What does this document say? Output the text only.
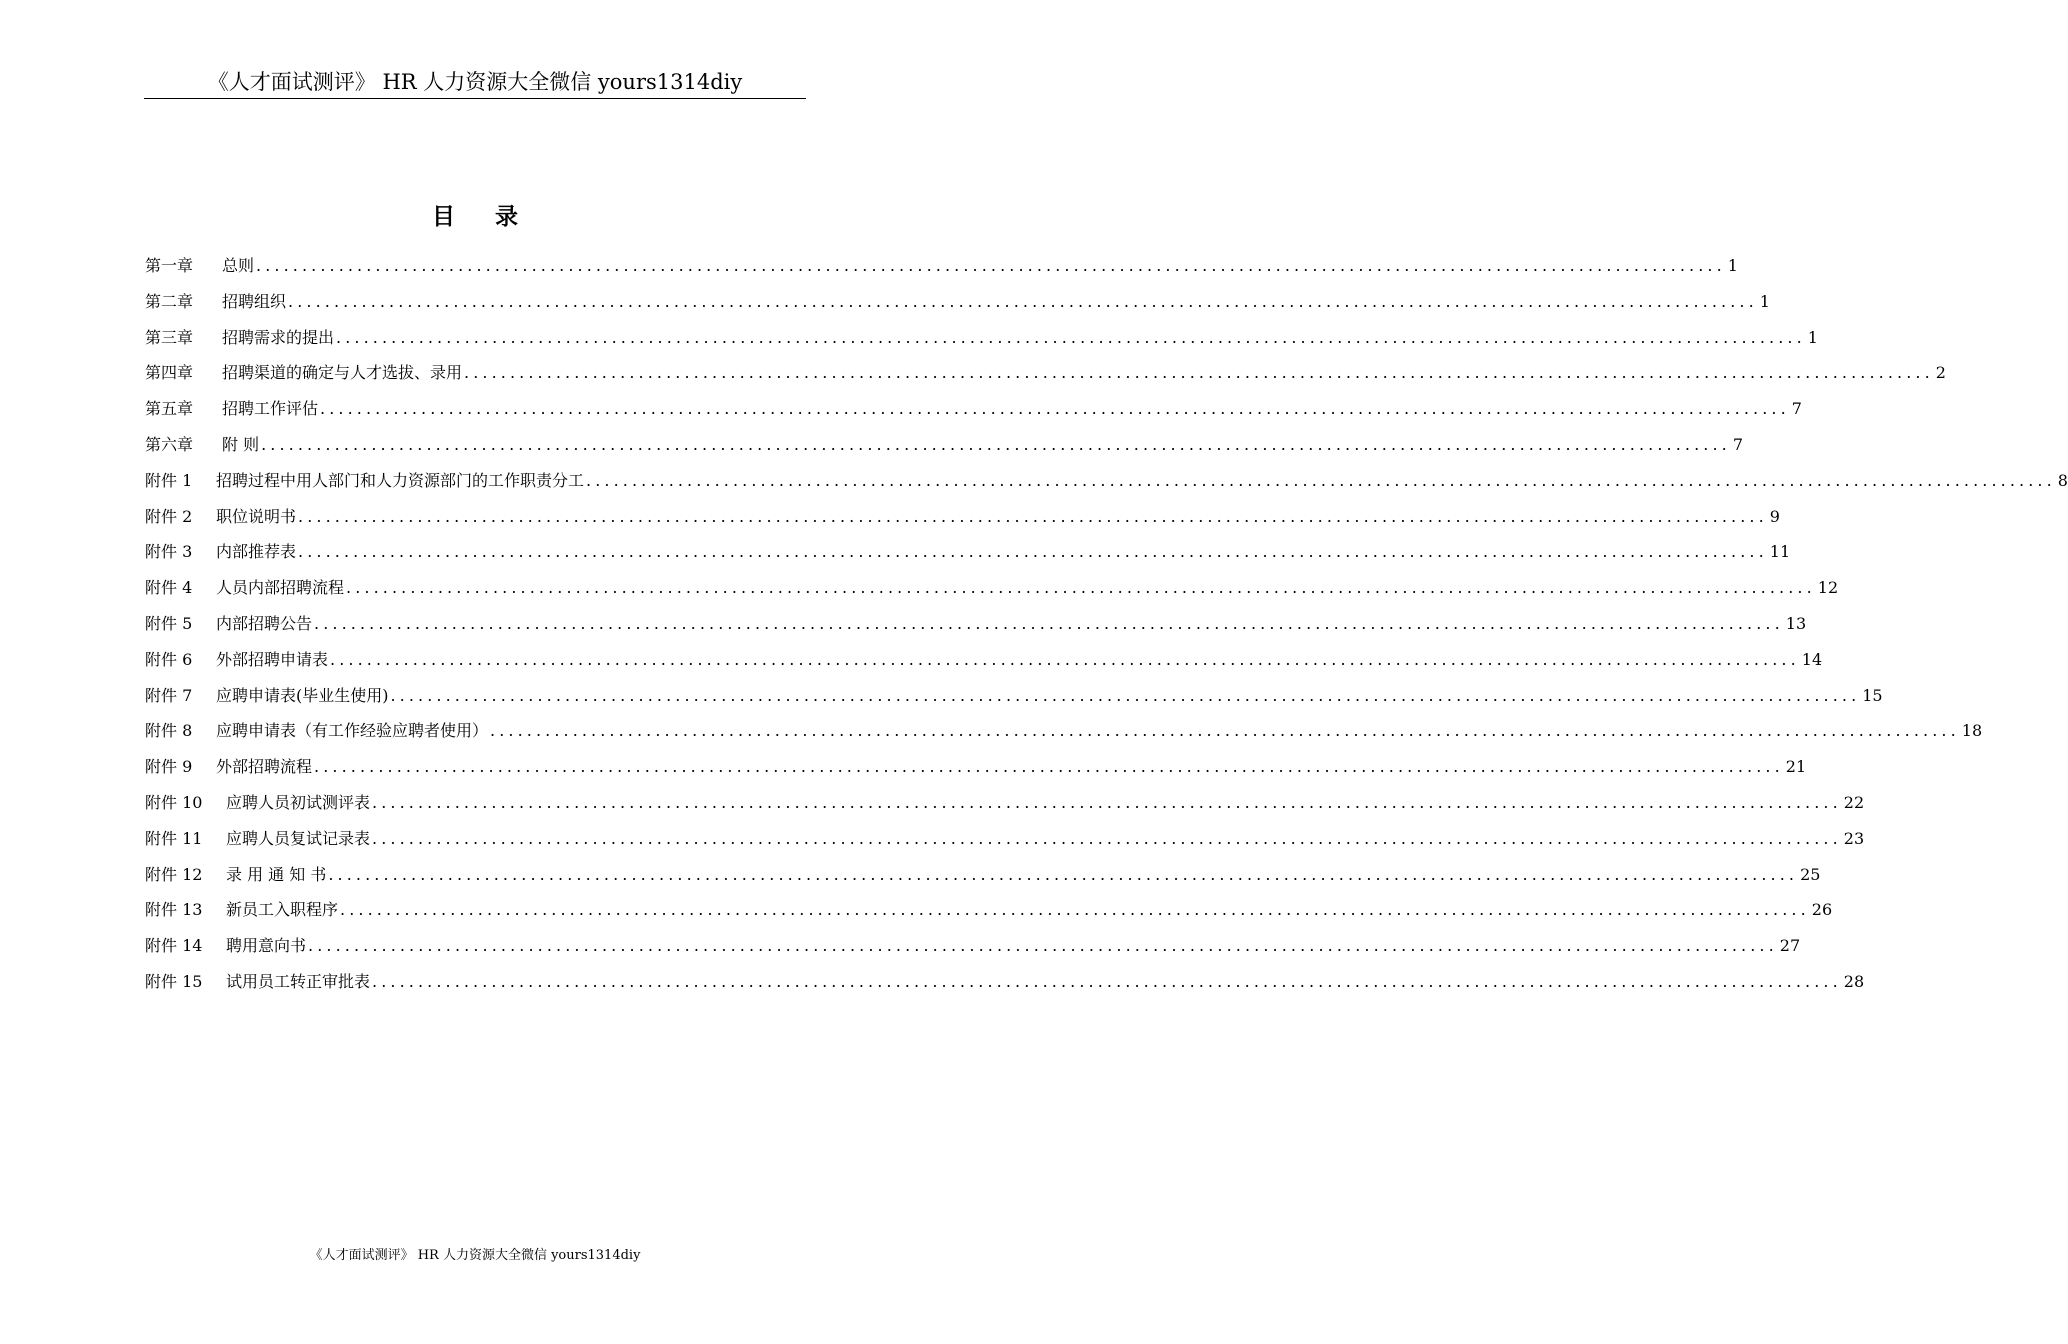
《人才面试测评》 HR 人力资源大全微信 yours1314diy
目录
第一章 总则 ................................................................................................................................................................ 1
第二章 招聘组织 ................................................................................................................................................................ 1
第三章 招聘需求的提出 ................................................................................................................................................................ 1
第四章 招聘渠道的确定与人才选拔、录用 ................................................................................................................................................................ 2
第五章 招聘工作评估 ................................................................................................................................................................ 7
第六章 附 则 ................................................................................................................................................................ 7
附件 1 招聘过程中用人部门和人力资源部门的工作职责分工 ................................................................................................................................................................ 8
附件 2 职位说明书 ................................................................................................................................................................ 9
附件 3 内部推荐表 ................................................................................................................................................................ 11
附件 4 人员内部招聘流程 ................................................................................................................................................................ 12
附件 5 内部招聘公告 ................................................................................................................................................................ 13
附件 6 外部招聘申请表 ................................................................................................................................................................ 14
附件 7 应聘申请表(毕业生使用) ................................................................................................................................................................ 15
附件 8 应聘申请表（有工作经验应聘者使用） ................................................................................................................................................................ 18
附件 9 外部招聘流程 ................................................................................................................................................................ 21
附件 10 应聘人员初试测评表 ................................................................................................................................................................ 22
附件 11 应聘人员复试记录表 ................................................................................................................................................................ 23
附件 12 录 用 通 知 书 ................................................................................................................................................................ 25
附件 13 新员工入职程序 ................................................................................................................................................................ 26
附件 14 聘用意向书 ................................................................................................................................................................ 27
附件 15 试用员工转正审批表 ................................................................................................................................................................ 28
《人才面试测评》 HR 人力资源大全微信 yours1314diy
